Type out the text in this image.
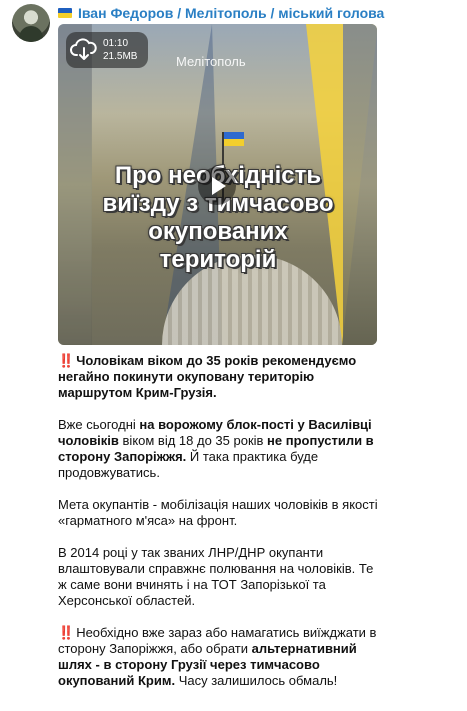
Іван Федоров / Мелітополь / міський голова
Мелітополь
Про необхідність виїзду з тимчасово окупованих територій
01:10
21.5MB

‼️ Чоловікам віком до 35 років рекомендуємо негайно покинути окуповану територію маршрутом Крим-Грузія.

Вже сьогодні на ворожому блок-пості у Василівці чоловіків віком від 18 до 35 років не пропустили в сторону Запоріжжя. Й така практика буде продовжуватись.

Мета окупантів - мобілізація наших чоловіків в якості «гарматного м'яса» на фронт.

В 2014 році у так званих ЛНР/ДНР окупанти влаштовували справжнє полювання на чоловіків. Те ж саме вони вчинять і на ТОТ Запорізької та Херсонської областей.

‼️ Необхідно вже зараз або намагатись виїжджати в сторону Запоріжжя, або обрати альтернативний шлях - в сторону Грузії через тимчасово окупований Крим. Часу залишилось обмаль!
